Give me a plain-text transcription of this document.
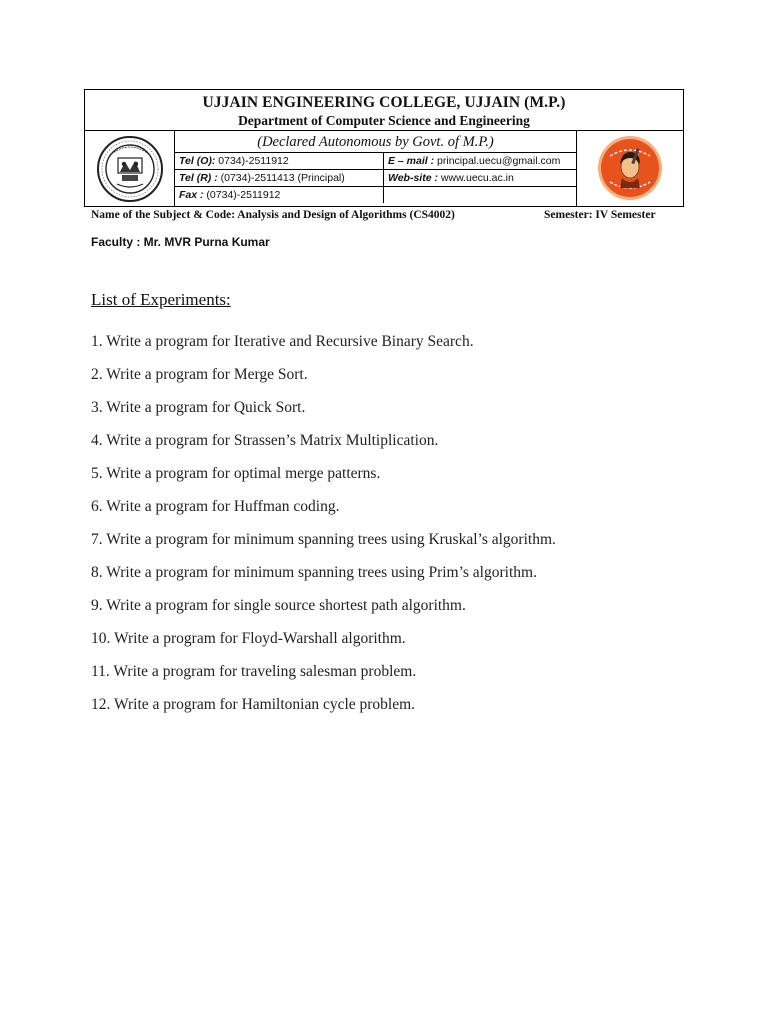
UJJAIN ENGINEERING COLLEGE, UJJAIN (M.P.)
Department of Computer Science and Engineering
(Declared Autonomous by Govt. of M.P.)
Tel (O): 0734)-2511912	E – mail : principal.uecu@gmail.com
Tel (R) : (0734)-2511413 (Principal)	Web-site : www.uecu.ac.in
Fax : (0734)-2511912
Name of the Subject & Code: Analysis and Design of Algorithms (CS4002)	Semester: IV Semester
Faculty : Mr. MVR Purna Kumar
List of Experiments:
1. Write a program for Iterative and Recursive Binary Search.
2. Write a program for Merge Sort.
3. Write a program for Quick Sort.
4. Write a program for Strassen’s Matrix Multiplication.
5. Write a program for optimal merge patterns.
6. Write a program for Huffman coding.
7. Write a program for minimum spanning trees using Kruskal’s algorithm.
8. Write a program for minimum spanning trees using Prim’s algorithm.
9. Write a program for single source shortest path algorithm.
10. Write a program for Floyd-Warshall algorithm.
11. Write a program for traveling salesman problem.
12. Write a program for Hamiltonian cycle problem.
